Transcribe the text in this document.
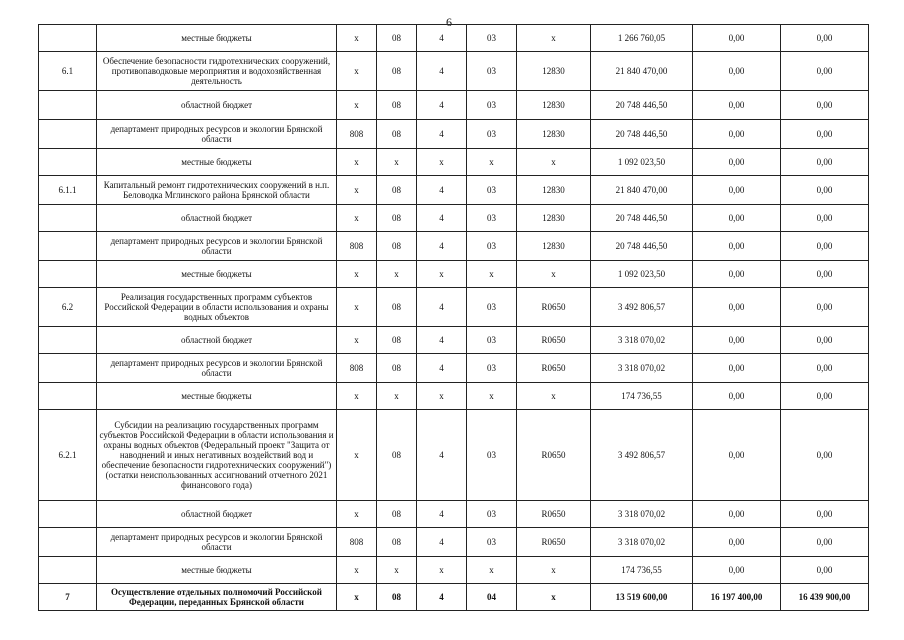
6
	местные бюджеты	x	08	4	03	x	1 266 760,05	0,00	0,00
6.1	Обеспечение безопасности гидротехнических сооружений, противопаводковые мероприятия и водохозяйственная деятельность	x	08	4	03	12830	21 840 470,00	0,00	0,00
	областной бюджет	x	08	4	03	12830	20 748 446,50	0,00	0,00
	департамент природных ресурсов и экологии Брянской области	808	08	4	03	12830	20 748 446,50	0,00	0,00
	местные бюджеты	x	x	x	x	x	1 092 023,50	0,00	0,00
6.1.1	Капитальный ремонт гидротехнических сооружений в н.п. Беловодка Мглинского района Брянской области	x	08	4	03	12830	21 840 470,00	0,00	0,00
	областной бюджет	x	08	4	03	12830	20 748 446,50	0,00	0,00
	департамент природных ресурсов и экологии Брянской области	808	08	4	03	12830	20 748 446,50	0,00	0,00
	местные бюджеты	x	x	x	x	x	1 092 023,50	0,00	0,00
6.2	Реализация государственных программ субъектов Российской Федерации в области использования и охраны водных объектов	x	08	4	03	R0650	3 492 806,57	0,00	0,00
	областной бюджет	x	08	4	03	R0650	3 318 070,02	0,00	0,00
	департамент природных ресурсов и экологии Брянской области	808	08	4	03	R0650	3 318 070,02	0,00	0,00
	местные бюджеты	x	x	x	x	x	174 736,55	0,00	0,00
6.2.1	Субсидии на реализацию государственных программ субъектов Российской Федерации в области использования и охраны водных объектов (Федеральный проект "Защита от наводнений и иных негативных воздействий вод и обеспечение безопасности гидротехнических сооружений") (остатки неиспользованных ассигнований отчетного 2021 финансового года)	x	08	4	03	R0650	3 492 806,57	0,00	0,00
	областной бюджет	x	08	4	03	R0650	3 318 070,02	0,00	0,00
	департамент природных ресурсов и экологии Брянской области	808	08	4	03	R0650	3 318 070,02	0,00	0,00
	местные бюджеты	x	x	x	x	x	174 736,55	0,00	0,00
7	Осуществление отдельных полномочий Российской Федерации, переданных Брянской области	x	08	4	04	x	13 519 600,00	16 197 400,00	16 439 900,00
